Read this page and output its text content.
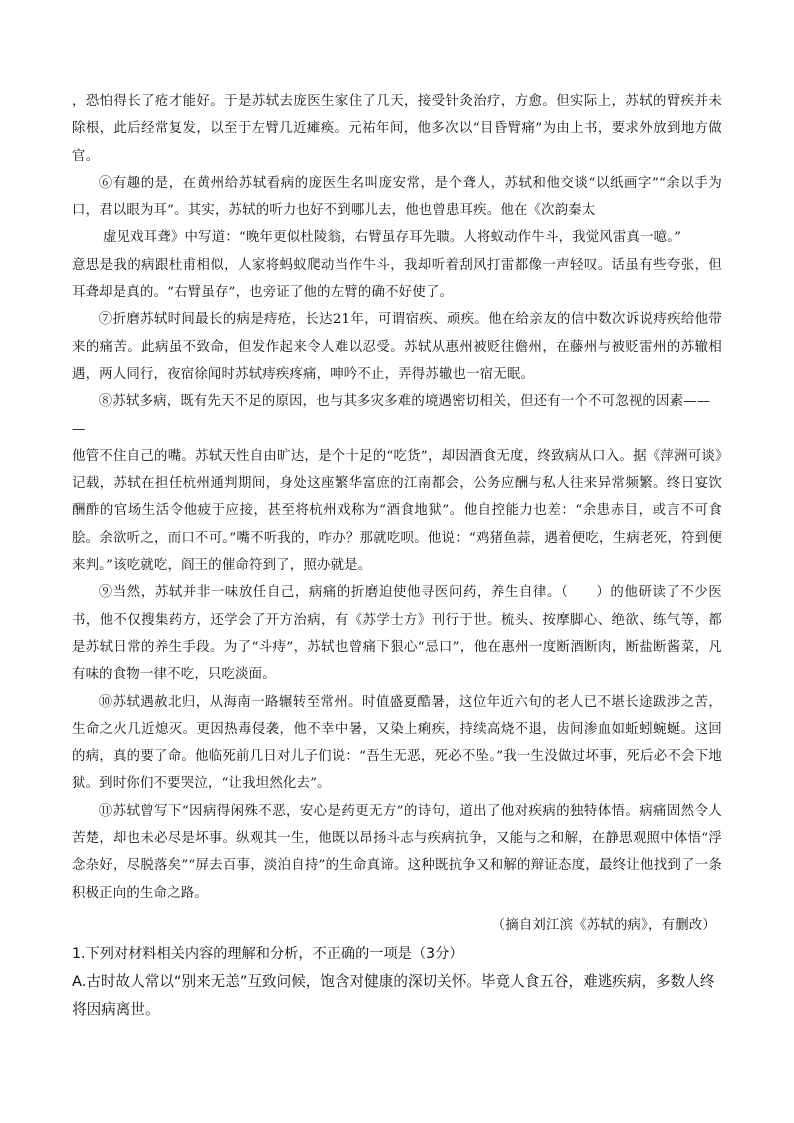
，恐怕得长了疮才能好。于是苏轼去庞医生家住了几天，接受针灸治疗，方愈。但实际上，苏轼的臂疾并未除根，此后经常复发，以至于左臂几近瘫痪。元祐年间，他多次以“目昏臂痛”为由上书，要求外放到地方做官。

⑥有趣的是，在黄州给苏轼看病的庞医生名叫庞安常，是个聋人，苏轼和他交谈“以纸画字”“余以手为口，君以眼为耳”。其实，苏轼的听力也好不到哪儿去，他也曾患耳疾。他在《次韵秦太

虚见戏耳聋》中写道：“晚年更似杜陵翁，右臂虽存耳先聩。人将蚁动作牛斗，我觉风雷真一噫。”

意思是我的病跟杜甫相似，人家将蚂蚁爬动当作牛斗，我却听着刮风打雷都像一声轻叹。话虽有些夸张，但耳聋却是真的。“右臂虽存”，也旁证了他的左臂的确不好使了。

⑦折磨苏轼时间最长的病是痔疮，长达21年，可谓宿疾、顽疾。他在给亲友的信中数次诉说痔疾给他带来的痛苦。此病虽不致命，但发作起来令人难以忍受。苏轼从惠州被贬往儋州，在藤州与被贬雷州的苏辙相遇，两人同行，夜宿徐闻时苏轼痔疾疼痛，呻吟不止，弄得苏辙也一宿无眠。

⑧苏轼多病，既有先天不足的原因，也与其多灾多难的境遇密切相关，但还有一个不可忽视的因素——

—

他管不住自己的嘴。苏轼天性自由旷达，是个十足的“吃货”，却因酒食无度，终致病从口入。据《萍洲可谈》记载，苏轼在担任杭州通判期间，身处这座繁华富庶的江南都会，公务应酬与私人往来异常频繁。终日宴饮酬酢的官场生活令他疲于应接，甚至将杭州戏称为“酒食地狱”。他自控能力也差：“余患赤目，或言不可食脍。余欲听之，而口不可。”嘴不听我的，咋办？那就吃呗。他说：“鸡猪鱼蒜，遇着便吃，生病老死，符到便来判。”该吃就吃，阎王的催命符到了，照办就是。

⑨当然，苏轼并非一味放任自己，病痛的折磨迫使他寻医问药，养生自律。（　　）的他研读了不少医书，他不仅搜集药方，还学会了开方治病，有《苏学士方》刊行于世。梳头、按摩脚心、绝欲、练气等，都是苏轼日常的养生手段。为了“斗痔”，苏轼也曾痛下狠心“忌口”，他在惠州一度断酒断肉，断盐断酱菜，凡有味的食物一律不吃，只吃淡面。

⑩苏轼遇赦北归，从海南一路辗转至常州。时值盛夏酷暑，这位年近六旬的老人已不堪长途跋涉之苦，生命之火几近熄灭。更因热毒侵袭，他不幸中暑，又染上痢疾，持续高烧不退，齿间渗血如蚯蚓蜿蜒。这回的病，真的要了命。他临死前几日对儿子们说：“吾生无恶，死必不坠。”我一生没做过坏事，死后必不会下地狱。到时你们不要哭泣，“让我坦然化去”。

⑪苏轼曾写下“因病得闲殊不恶，安心是药更无方”的诗句，道出了他对疾病的独特体悟。病痛固然令人苦楚，却也未必尽是坏事。纵观其一生，他既以昂扬斗志与疾病抗争，又能与之和解，在静思观照中体悟“浮念杂好，尽脱落矣”“屏去百事，淡泊自持”的生命真谛。这种既抗争又和解的辩证态度，最终让他找到了一条积极正向的生命之路。

（摘自刘江滨《苏轼的病》，有删改）

1.下列对材料相关内容的理解和分析，不正确的一项是（3分）

A.古时故人常以“别来无恙”互致问候，饱含对健康的深切关怀。毕竟人食五谷，难逃疾病，多数人终将因病离世。
